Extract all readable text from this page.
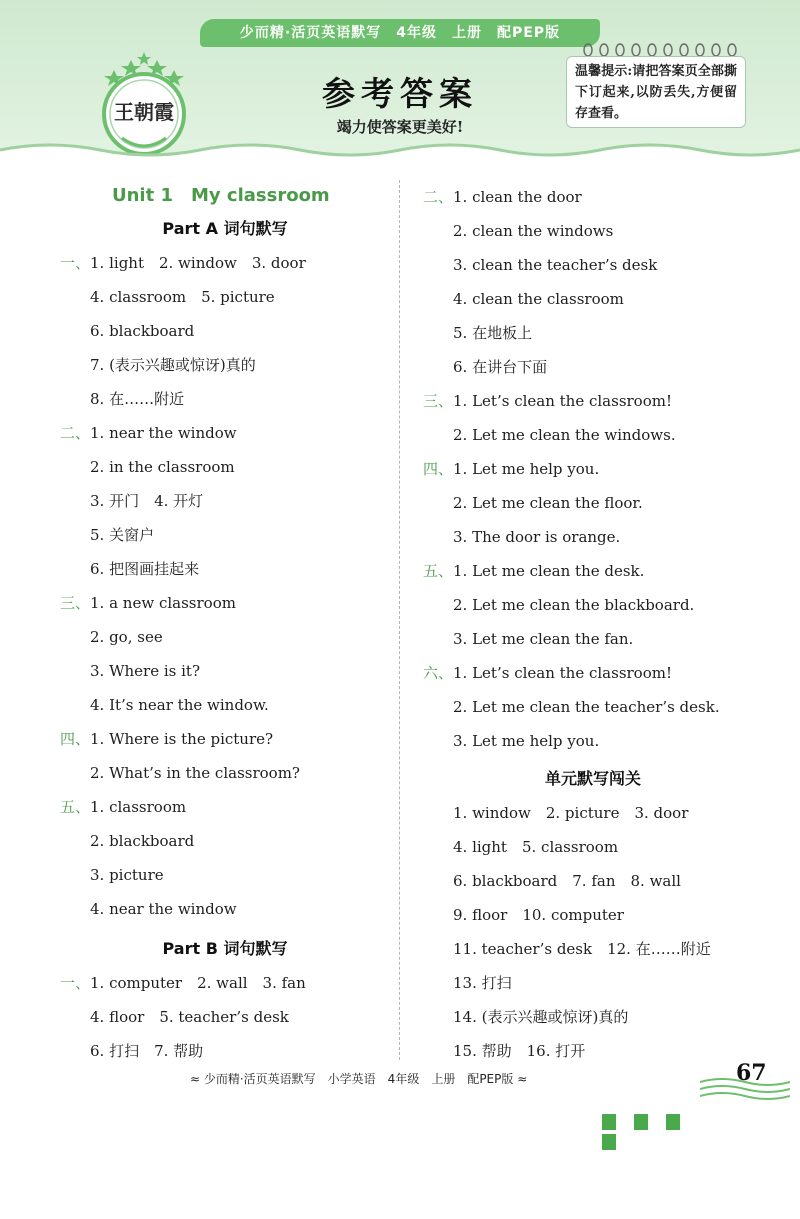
少而精·活页英语默写　4年级　上册　配PEP版
王朝霞	参考答案
竭力使答案更美好!
温馨提示:请把答案页全部撕下订起来,以防丢失,方便留存查看。
Unit 1　My classroom
Part A 词句默写
一、1. light　2. window　3. door
4. classroom　5. picture
6. blackboard
7. (表示兴趣或惊讶)真的
8. 在……附近
二、1. near the window
2. in the classroom
3. 开门　4. 开灯
5. 关窗户
6. 把图画挂起来
三、1. a new classroom
2. go, see
3. Where is it?
4. It’s near the window.
四、1. Where is the picture?
2. What’s in the classroom?
五、1. classroom
2. blackboard
3. picture
4. near the window
Part B 词句默写
一、1. computer　2. wall　3. fan
4. floor　5. teacher’s desk
6. 打扫　7. 帮助
二、1. clean the door
2. clean the windows
3. clean the teacher’s desk
4. clean the classroom
5. 在地板上
6. 在讲台下面
三、1. Let’s clean the classroom!
2. Let me clean the windows.
四、1. Let me help you.
2. Let me clean the floor.
3. The door is orange.
五、1. Let me clean the desk.
2. Let me clean the blackboard.
3. Let me clean the fan.
六、1. Let’s clean the classroom!
2. Let me clean the teacher’s desk.
3. Let me help you.
单元默写闯关
1. window　2. picture　3. door
4. light　5. classroom
6. blackboard　7. fan　8. wall
9. floor　10. computer
11. teacher’s desk　12. 在……附近
13. 打扫
14. (表示兴趣或惊讶)真的
15. 帮助　16. 打开
≈ 少而精·活页英语默写　小学英语　4年级　上册　配PEP版 ≈	67
